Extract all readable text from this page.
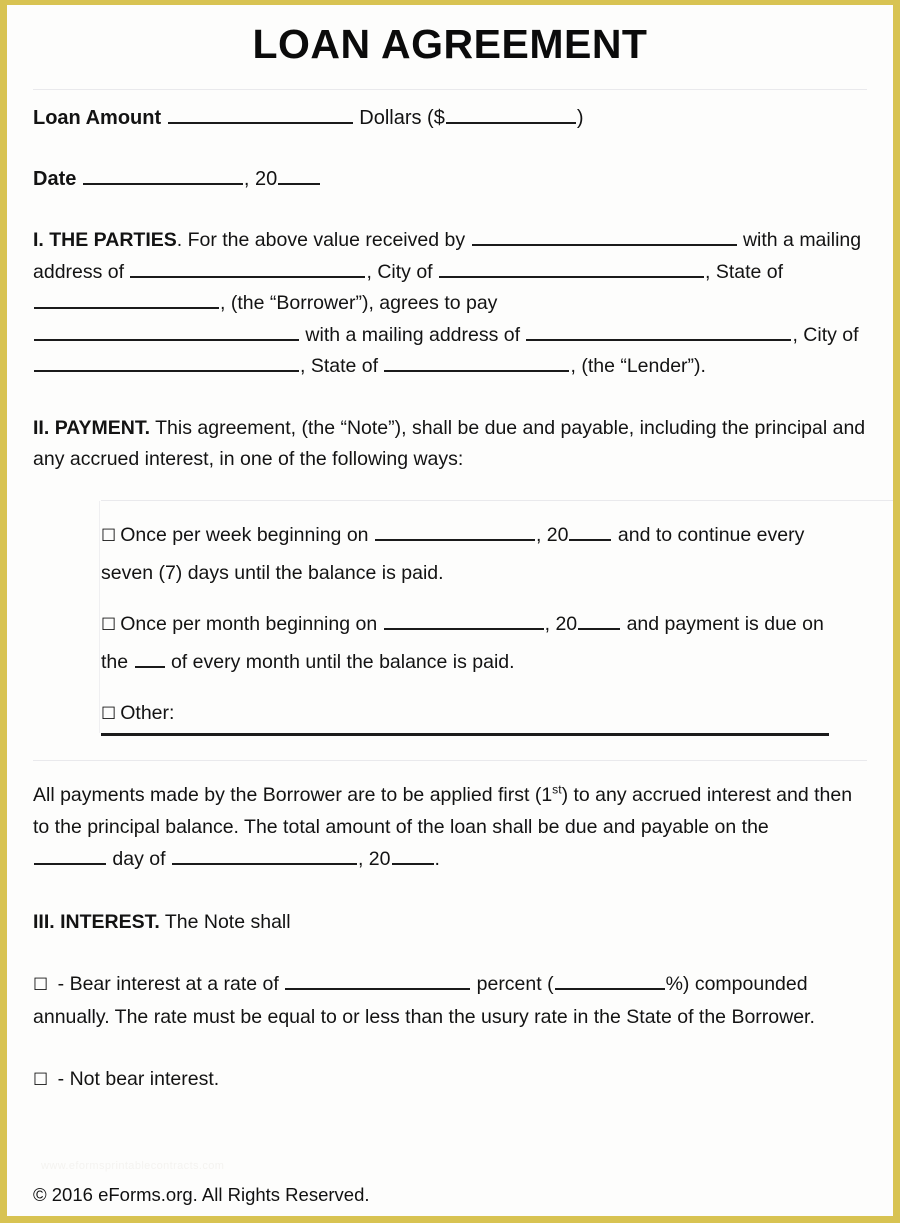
LOAN AGREEMENT

Loan Amount	Dollars ($	)

Date	, 20

I. THE PARTIES. For the above value received by	with a mailing address of	, City of	, State of , (the “Borrower”), agrees to pay
with a mailing address of	, City of , State of	, (the “Lender”).

II. PAYMENT. This agreement, (the “Note”), shall be due and payable, including the principal and any accrued interest, in one of the following ways:

☐ Once per week beginning on	, 20	and to continue every
seven (7) days until the balance is paid.

☐ Once per month beginning on	, 20	and payment is due on
the of every month until the balance is paid.

☐ Other:

All payments made by the Borrower are to be applied first (1st) to any accrued interest and then to the principal balance. The total amount of the loan shall be due and payable on the
day of	, 20 .

III. INTEREST. The Note shall

☐ - Bear interest at a rate of	percent (	%) compounded annually. The rate must be equal to or less than the usury rate in the State of the Borrower.

☐ - Not bear interest.

www.eformsprintablecontracts.com

© 2016 eForms.org. All Rights Reserved.
